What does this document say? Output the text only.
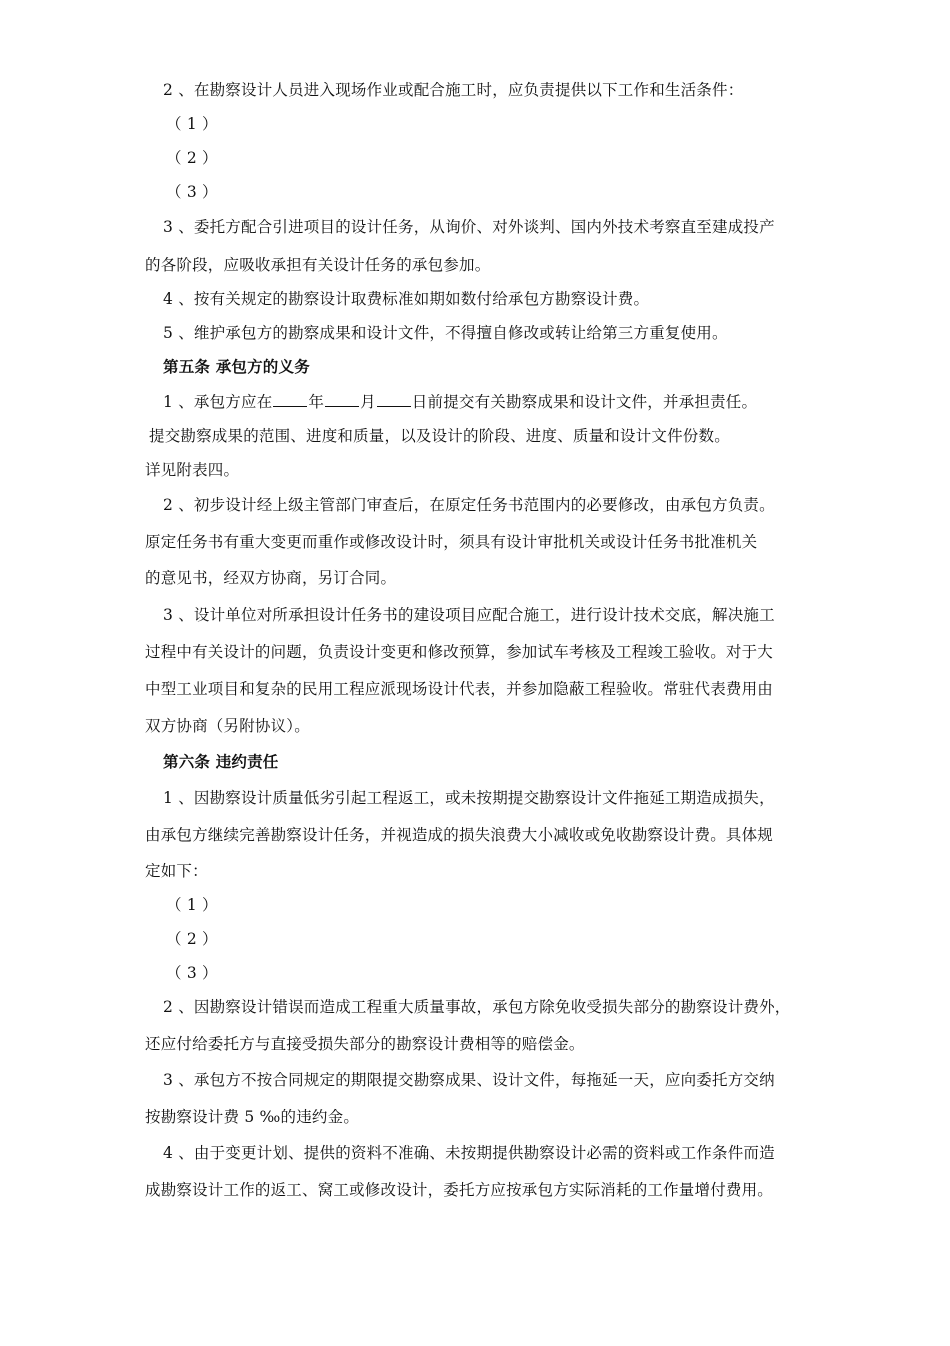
2 、在勘察设计人员进入现场作业或配合施工时，应负责提供以下工作和生活条件：
（ 1 ）
（ 2 ）
（ 3 ）
3 、委托方配合引进项目的设计任务，从询价、对外谈判、国内外技术考察直至建成投产
的各阶段，应吸收承担有关设计任务的承包参加。
4 、按有关规定的勘察设计取费标准如期如数付给承包方勘察设计费。
5 、维护承包方的勘察成果和设计文件，不得擅自修改或转让给第三方重复使用。
第五条 承包方的义务
1 、承包方应在 年 月 日前提交有关勘察成果和设计文件，并承担责任。
提交勘察成果的范围、进度和质量，以及设计的阶段、进度、质量和设计文件份数。
详见附表四。
2 、初步设计经上级主管部门审查后，在原定任务书范围内的必要修改，由承包方负责。
原定任务书有重大变更而重作或修改设计时，须具有设计审批机关或设计任务书批准机关
的意见书，经双方协商，另订合同。
3 、设计单位对所承担设计任务书的建设项目应配合施工，进行设计技术交底，解决施工
过程中有关设计的问题，负责设计变更和修改预算，参加试车考核及工程竣工验收。对于大
中型工业项目和复杂的民用工程应派现场设计代表，并参加隐蔽工程验收。常驻代表费用由
双方协商（另附协议）。
第六条 违约责任
1 、因勘察设计质量低劣引起工程返工，或未按期提交勘察设计文件拖延工期造成损失，
由承包方继续完善勘察设计任务，并视造成的损失浪费大小减收或免收勘察设计费。具体规
定如下：
（ 1 ）
（ 2 ）
（ 3 ）
2 、因勘察设计错误而造成工程重大质量事故，承包方除免收受损失部分的勘察设计费外，
还应付给委托方与直接受损失部分的勘察设计费相等的赔偿金。
3 、承包方不按合同规定的期限提交勘察成果、设计文件，每拖延一天，应向委托方交纳
按勘察设计费 5 ‰的违约金。
4 、由于变更计划、提供的资料不准确、未按期提供勘察设计必需的资料或工作条件而造
成勘察设计工作的返工、窝工或修改设计，委托方应按承包方实际消耗的工作量增付费用。
